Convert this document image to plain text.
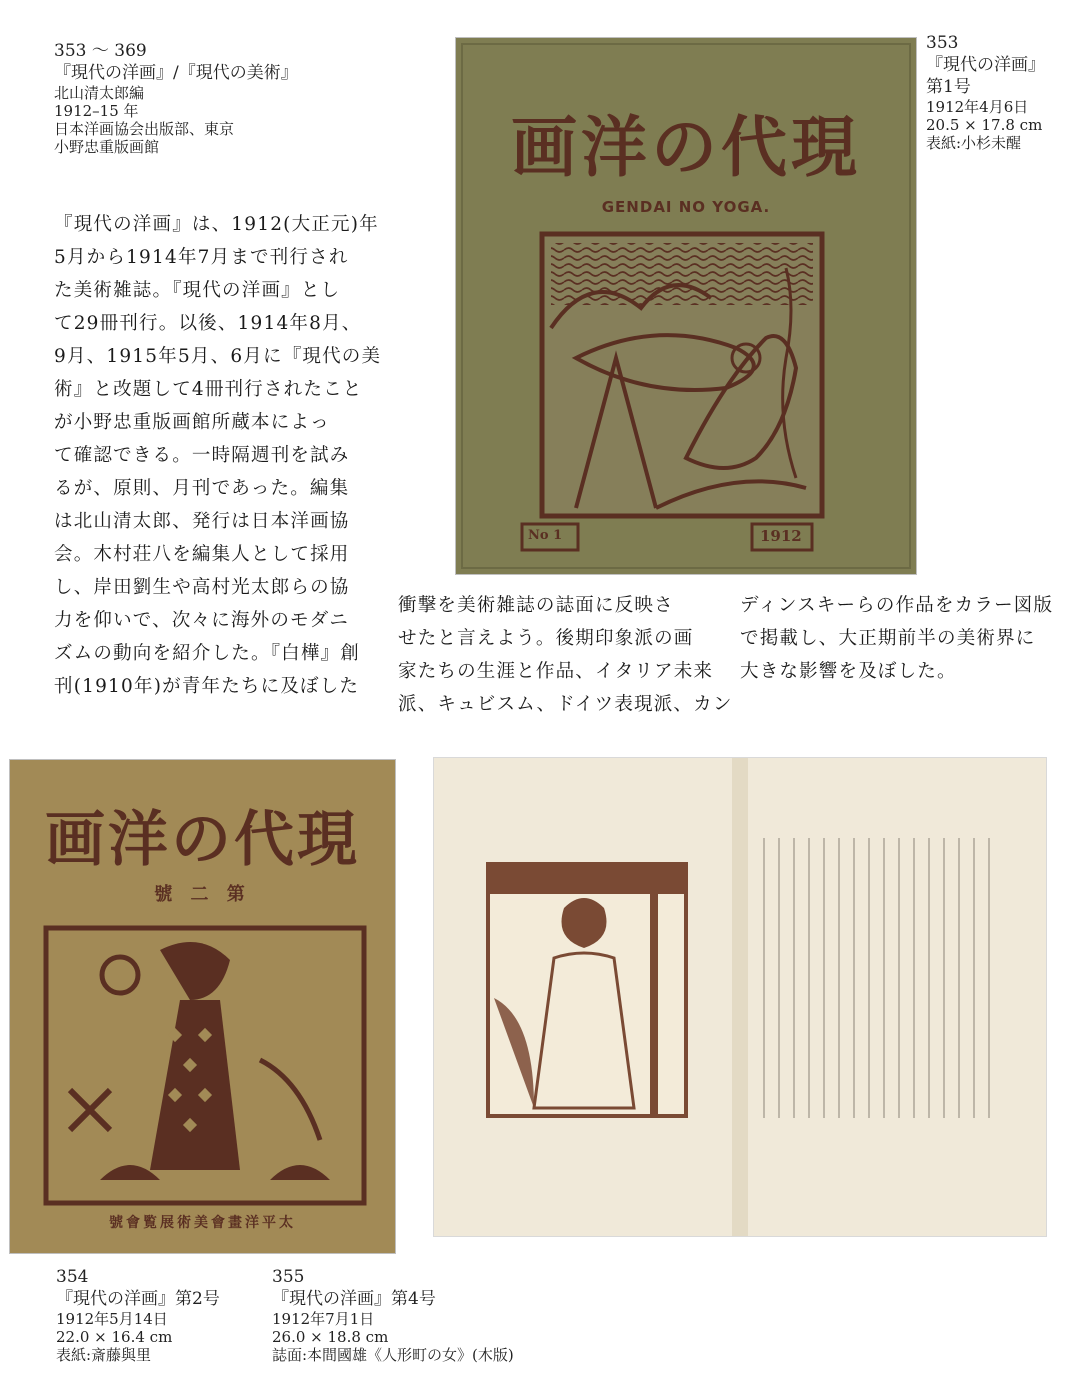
353 ～ 369
『現代の洋画』/『現代の美術』
北山清太郎編
1912–15 年
日本洋画協会出版部、東京
小野忠重版画館

『現代の洋画』は、1912(大正元)年

5月から1914年7月まで刊行され

た美術雑誌。『現代の洋画』とし

て29冊刊行。以後、1914年8月、

9月、1915年5月、6月に『現代の美

術』と改題して4冊刊行されたこと

が小野忠重版画館所蔵本によっ

て確認できる。一時隔週刊を試み

るが、原則、月刊であった。編集

は北山清太郎、発行は日本洋画協

会。木村荘八を編集人として採用

し、岸田劉生や高村光太郎らの協

力を仰いで、次々に海外のモダニ

ズムの動向を紹介した。『白樺』創

刊(1910年)が青年たちに及ぼした

衝撃を美術雑誌の誌面に反映さ

せたと言えよう。後期印象派の画

家たちの生涯と作品、イタリア未来

派、キュビスム、ドイツ表現派、カン

ディンスキーらの作品をカラー図版

で掲載し、大正期前半の美術界に

大きな影響を及ぼした。

353
『現代の洋画』
第1号
1912年4月6日
20.5 × 17.8 cm
表紙:小杉未醒
画洋の代現
GENDAI NO YOGA.
No 1	1912
画洋の代現
號 二 第
號會覧展術美會畫洋平太
354
『現代の洋画』第2号
1912年5月14日
22.0 × 16.4 cm
表紙:斎藤與里
355
『現代の洋画』第4号
1912年7月1日
26.0 × 18.8 cm
誌面:本間國雄《人形町の女》(木版)
